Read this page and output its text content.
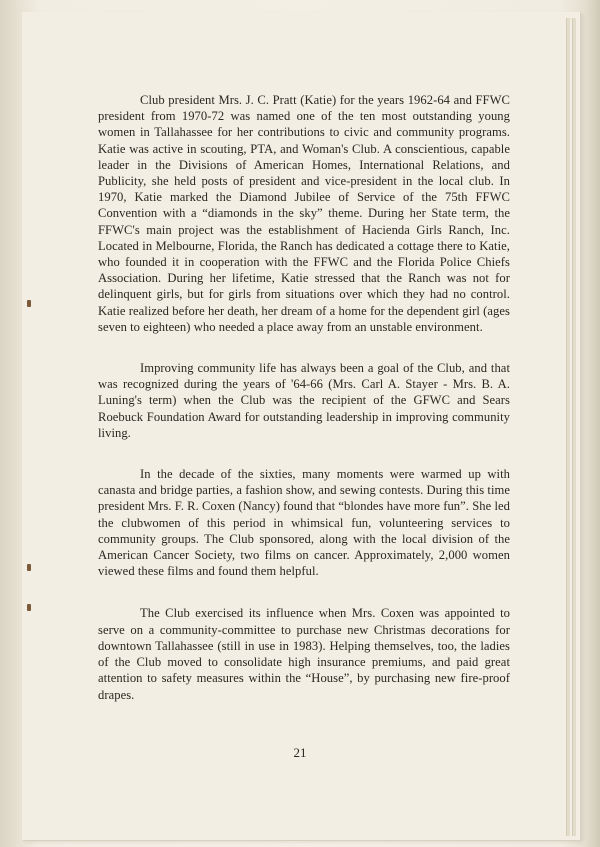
Club president Mrs. J. C. Pratt (Katie) for the years 1962-64 and FFWC president from 1970-72 was named one of the ten most outstanding young women in Tallahassee for her contributions to civic and community programs. Katie was active in scouting, PTA, and Woman's Club. A conscientious, capable leader in the Divisions of American Homes, International Relations, and Publicity, she held posts of president and vice-president in the local club. In 1970, Katie marked the Diamond Jubilee of Service of the 75th FFWC Convention with a “diamonds in the sky” theme. During her State term, the FFWC's main project was the establishment of Hacienda Girls Ranch, Inc. Located in Melbourne, Florida, the Ranch has dedicated a cottage there to Katie, who founded it in cooperation with the FFWC and the Florida Police Chiefs Association. During her lifetime, Katie stressed that the Ranch was not for delinquent girls, but for girls from situations over which they had no control. Katie realized before her death, her dream of a home for the dependent girl (ages seven to eighteen) who needed a place away from an unstable environment.

Improving community life has always been a goal of the Club, and that was recognized during the years of '64-66 (Mrs. Carl A. Stayer - Mrs. B. A. Luning's term) when the Club was the recipient of the GFWC and Sears Roebuck Foundation Award for outstanding leadership in improving community living.

In the decade of the sixties, many moments were warmed up with canasta and bridge parties, a fashion show, and sewing contests. During this time president Mrs. F. R. Coxen (Nancy) found that “blondes have more fun”. She led the clubwomen of this period in whimsical fun, volunteering services to community groups. The Club sponsored, along with the local division of the American Cancer Society, two films on cancer. Approximately, 2,000 women viewed these films and found them helpful.

The Club exercised its influence when Mrs. Coxen was appointed to serve on a community-committee to purchase new Christmas decorations for downtown Tallahassee (still in use in 1983). Helping themselves, too, the ladies of the Club moved to consolidate high insurance premiums, and paid great attention to safety measures within the “House”, by purchasing new fire-proof drapes.

21
